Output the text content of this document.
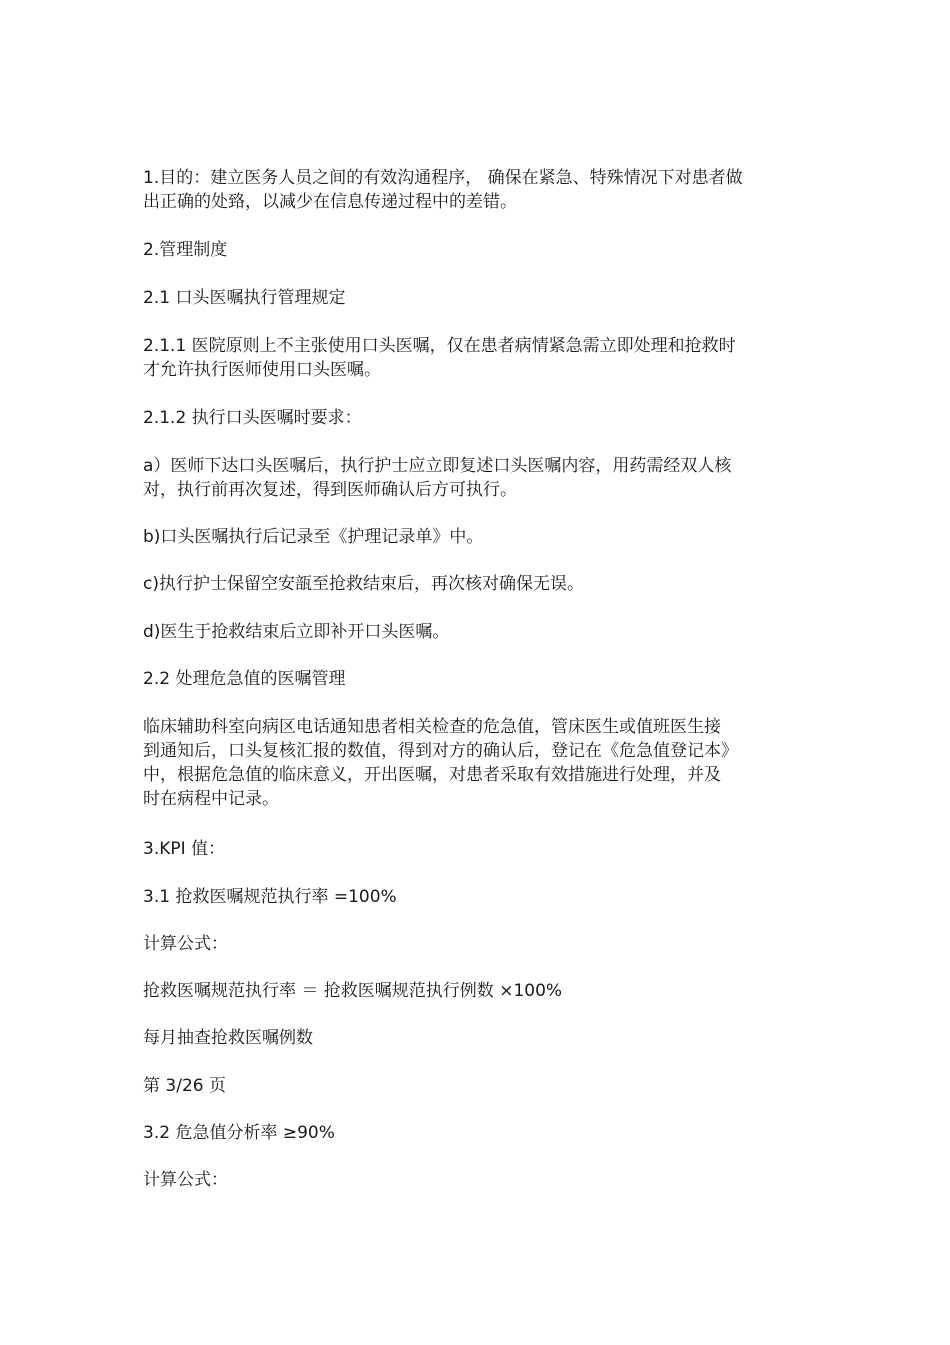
1.目的：建立医务人员之间的有效沟通程序， 确保在紧急、特殊情况下对患者做
出正确的处臵，以减少在信息传递过程中的差错。
2.管理制度
2.1 口头医嘱执行管理规定
2.1.1 医院原则上不主张使用口头医嘱，仅在患者病情紧急需立即处理和抢救时
才允许执行医师使用口头医嘱。
2.1.2 执行口头医嘱时要求：
a）医师下达口头医嘱后，执行护士应立即复述口头医嘱内容，用药需经双人核
对，执行前再次复述，得到医师确认后方可执行。
b)口头医嘱执行后记录至《护理记录单》中。
c)执行护士保留空安瓿至抢救结束后，再次核对确保无误。
d)医生于抢救结束后立即补开口头医嘱。
2.2 处理危急值的医嘱管理
临床辅助科室向病区电话通知患者相关检查的危急值，管床医生或值班医生接
到通知后，口头复核汇报的数值，得到对方的确认后，登记在《危急值登记本》
中，根据危急值的临床意义，开出医嘱，对患者采取有效措施进行处理，并及
时在病程中记录。
3.KPI 值：
3.1 抢救医嘱规范执行率 =100%
计算公式：
抢救医嘱规范执行率 ＝ 抢救医嘱规范执行例数 ×100%
每月抽查抢救医嘱例数
第 3/26 页
3.2 危急值分析率 ≥90%
计算公式：
